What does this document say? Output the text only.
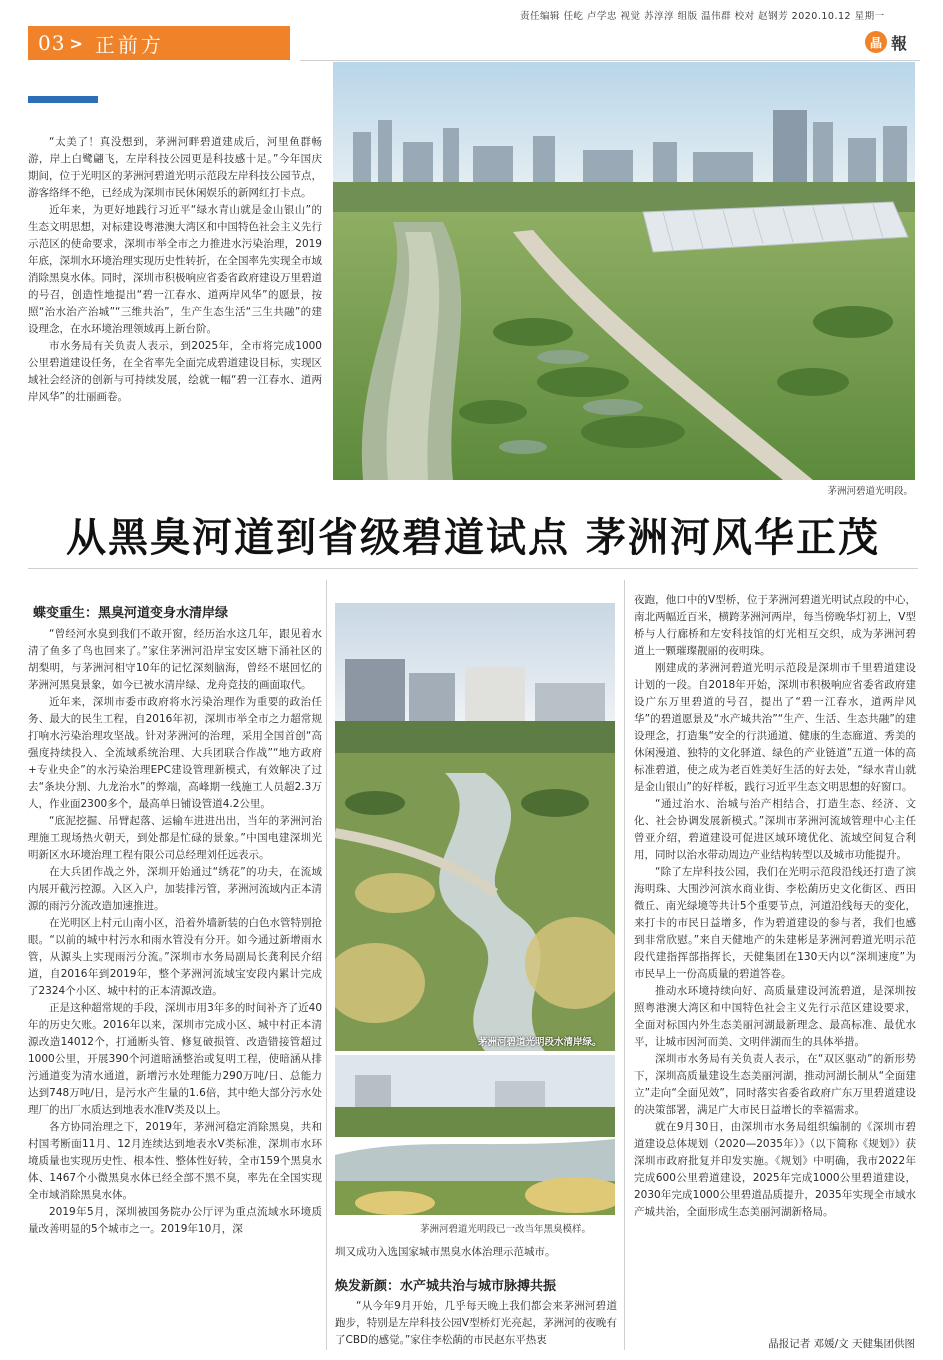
责任编辑 任屹 卢学忠 视觉 苏淳淳 组版 温伟群 校对 赵钢芳 2020.10.12 星期一
03 > 正前方	晶 報

“太美了！真没想到，茅洲河畔碧道建成后，河里鱼群畅游，岸上白鹭翩飞，左岸科技公园更是科技感十足。”今年国庆期间，位于光明区的茅洲河碧道光明示范段左岸科技公园节点，游客络绎不绝，已经成为深圳市民休闲娱乐的新网红打卡点。

近年来，为更好地践行习近平“绿水青山就是金山银山”的生态文明思想，对标建设粤港澳大湾区和中国特色社会主义先行示范区的使命要求，深圳市举全市之力推进水污染治理，2019年底，深圳水环境治理实现历史性转折，在全国率先实现全市域消除黑臭水体。同时，深圳市积极响应省委省政府建设万里碧道的号召，创造性地提出“碧一江春水、道两岸风华”的愿景，按照“治水治产治城”“三维共治”，生产生态生活“三生共融”的建设理念，在水环境治理领域再上新台阶。

市水务局有关负责人表示，到2025年，全市将完成1000公里碧道建设任务，在全省率先全面完成碧道建设目标，实现区域社会经济的创新与可持续发展，绘就一幅“碧一江春水、道两岸风华”的壮丽画卷。

茅洲河碧道光明段。
从黑臭河道到省级碧道试点 茅洲河风华正茂
蝶变重生：黑臭河道变身水清岸绿

“曾经河水臭到我们不敢开窗，经历治水这几年，跟见着水清了鱼多了鸟也回来了。”家住茅洲河沿岸宝安区塘下涌社区的胡梨明，与茅洲河相守10年的记忆深刻脑海，曾经不堪回忆的茅洲河黑臭景象，如今已被水清岸绿、龙舟竞技的画面取代。

近年来，深圳市委市政府将水污染治理作为重要的政治任务、最大的民生工程，自2016年初，深圳市举全市之力超常规打响水污染治理攻坚战。针对茅洲河的治理，采用全国首创“高强度持续投入、全流域系统治理、大兵团联合作战”“地方政府+专业央企”的水污染治理EPC建设管理新模式，有效解决了过去“条块分割、九龙治水”的弊端，高峰期一线施工人员超2.3万人，作业面2300多个，最高单日铺设管道4.2公里。

“底泥挖掘、吊臂起落、运输车进进出出，当年的茅洲河治理施工现场热火朝天，到处都是忙碌的景象。”中国电建深圳光明新区水环境治理工程有限公司总经理刘任远表示。

在大兵团作战之外，深圳开始通过“绣花”的功夫，在流域内展开截污控源。入区入户，加装排污管，茅洲河流域内正本清源的雨污分流改造加速推进。

在光明区上村元山南小区，沿着外墙新装的白色水管特别抢眼。“以前的城中村污水和雨水管没有分开。如今通过新增雨水管，从源头上实现雨污分流。”深圳市水务局副局长龚利民介绍道，自2016年到2019年，整个茅洲河流域宝安段内累计完成了2324个小区、城中村的正本清源改造。

正是这种超常规的手段，深圳市用3年多的时间补齐了近40年的历史欠账。2016年以来，深圳市完成小区、城中村正本清源改造14012个，打通断头管、修复破损管、改造错接管超过1000公里，开展390个河道暗涵整治或复明工程，使暗涵从排污通道变为清水通道，新增污水处理能力290万吨/日、总能力达到748万吨/日，是污水产生量的1.6倍，其中绝大部分污水处理厂的出厂水质达到地表水准Ⅳ类及以上。

各方协同治理之下，2019年，茅洲河稳定消除黑臭，共和村国考断面11月、12月连续达到地表水Ⅴ类标准，深圳市水环境质量也实现历史性、根本性、整体性好转，全市159个黑臭水体、1467个小微黑臭水体已经全部不黑不臭，率先在全国实现全市域消除黑臭水体。

2019年5月，深圳被国务院办公厅评为重点流域水环境质量改善明显的5个城市之一。2019年10月，深

茅洲河碧道光明段水清岸绿。
茅洲河碧道光明段已一改当年黑臭模样。
圳又成功入选国家城市黑臭水体治理示范城市。
焕发新颜：水产城共治与城市脉搏共振

“从今年9月开始，几乎每天晚上我们都会来茅洲河碧道跑步，特别是左岸科技公园V型桥灯光亮起，茅洲河的夜晚有了CBD的感觉。”家住李松蓢的市民赵东平热衷

夜跑，他口中的V型桥，位于茅洲河碧道光明试点段的中心，南北两幅近百米，横跨茅洲河两岸，每当傍晚华灯初上，V型桥与人行廊桥和左安科技馆的灯光相互交织，成为茅洲河碧道上一颗璀璨靓丽的夜明珠。

刚建成的茅洲河碧道光明示范段是深圳市千里碧道建设计划的一段。自2018年开始，深圳市积极响应省委省政府建设广东万里碧道的号召，提出了“碧一江春水，道两岸风华”的碧道愿景及“水产城共治”“生产、生活、生态共融”的建设理念，打造集“安全的行洪通道、健康的生态廊道、秀美的休闲漫道、独特的文化驿道、绿色的产业链道”五道一体的高标准碧道，使之成为老百姓美好生活的好去处，“绿水青山就是金山银山”的好样板，践行习近平生态文明思想的好窗口。

“通过治水、治城与治产相结合，打造生态、经济、文化、社会协调发展新模式。”深圳市茅洲河流域管理中心主任曾亚介绍，碧道建设可促进区域环境优化、流域空间复合利用，同时以治水带动周边产业结构转型以及城市功能提升。

“除了左岸科技公园，我们在光明示范段沿线还打造了滨海明珠、大围沙河滨水商业街、李松蓢历史文化街区、西田微丘、南光绿境等共计5个重要节点，河道沿线每天的变化，来打卡的市民日益增多，作为碧道建设的参与者，我们也感到非常欣慰。”来自天健地产的朱建彬是茅洲河碧道光明示范段代建指挥部指挥长，天健集团在130天内以“深圳速度”为市民早上一份高质量的碧道答卷。

推动水环境持续向好、高质量建设河流碧道，是深圳按照粤港澳大湾区和中国特色社会主义先行示范区建设要求，全面对标国内外生态美丽河湖最新理念、最高标准、最优水平，让城市因河而美、文明伴湖而生的具体举措。

深圳市水务局有关负责人表示，在“双区驱动”的新形势下，深圳高质量建设生态美丽河湖，推动河湖长制从“全面建立”走向“全面见效”，同时落实省委省政府广东万里碧道建设的决策部署，满足广大市民日益增长的幸福需求。

就在9月30日，由深圳市水务局组织编制的《深圳市碧道建设总体规划（2020—2035年）》（以下简称《规划》）获深圳市政府批复并印发实施。《规划》中明确，我市2022年完成600公里碧道建设，2025年完成1000公里碧道建设，2030年完成1000公里碧道品质提升，2035年实现全市域水产城共治，全面形成生态美丽河湖新格局。

晶报记者 邓媛/文 天健集团供图
